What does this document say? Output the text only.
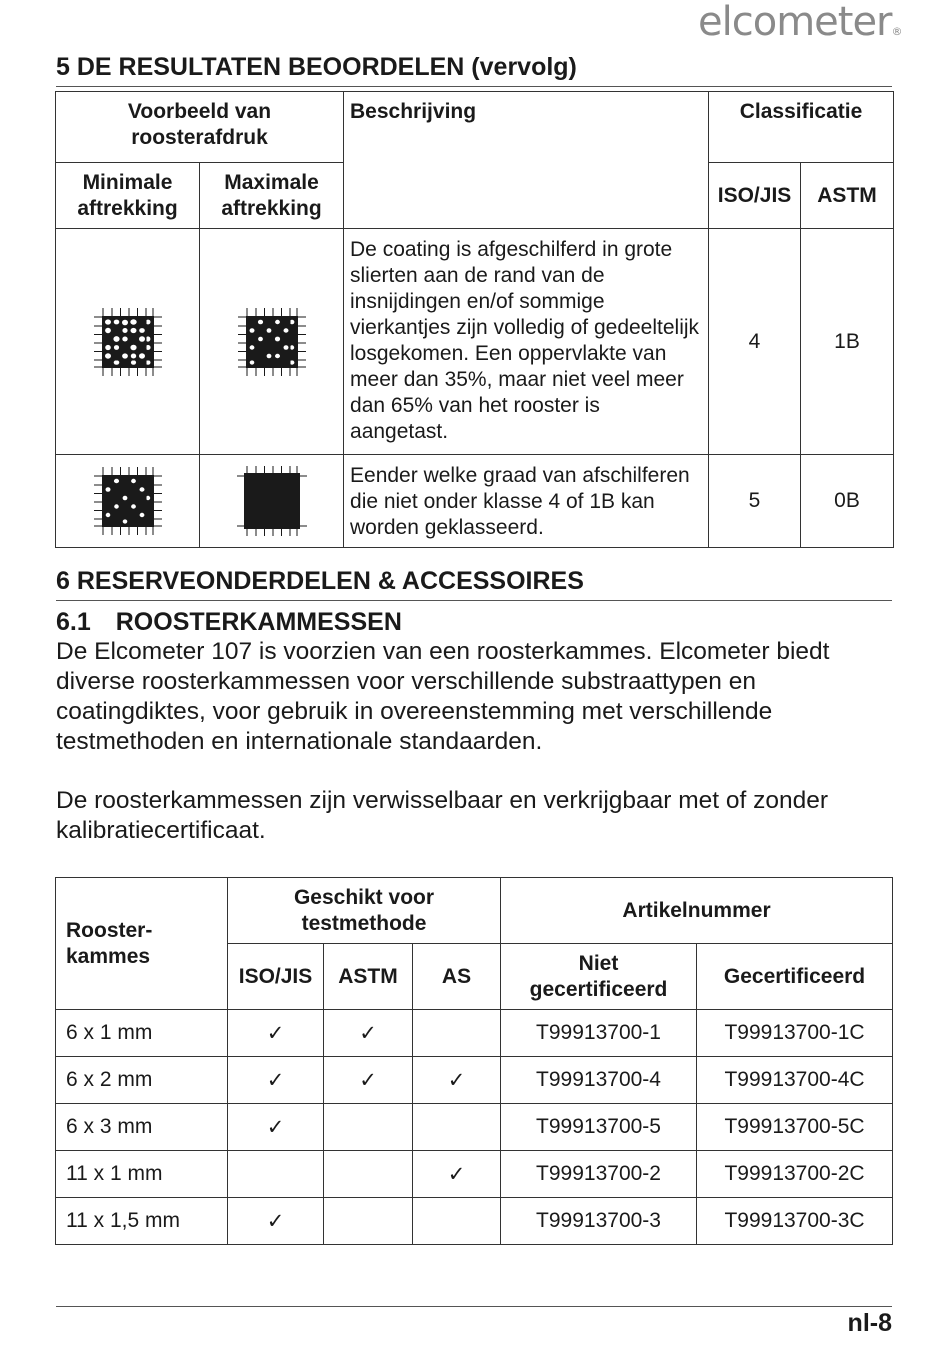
elcometer®
5 DE RESULTATEN BEOORDELEN (vervolg)
Voorbeeld van roosterafdruk		Beschrijving	Classificatie	
Minimale aftrekking	Maximale aftrekking		ISO/JIS	ASTM

	De coating is afgeschilferd in grote slierten aan de rand van de insnijdingen en/of sommige vierkantjes zijn volledig of gedeeltelijk losgekomen. Een oppervlakte van meer dan 35%, maar niet veel meer dan 65% van het rooster is aangetast.	4	1B

	Eender welke graad van afschilferen die niet onder klasse 4 of 1B kan worden geklasseerd.	5	0B
6 RESERVEONDERDELEN & ACCESSOIRES
6.1 ROOSTERKAMMESSEN

De Elcometer 107 is voorzien van een roosterkammes. Elcometer biedt diverse roosterkammessen voor verschillende substraattypen en coatingdiktes, voor gebruik in overeenstemming met verschillende testmethoden en internationale standaarden.

De roosterkammessen zijn verwisselbaar en verkrijgbaar met of zonder kalibratiecertificaat.

Rooster-kammes	Geschikt voor testmethode			Artikelnummer	
	ISO/JIS	ASTM	AS	Niet gecertificeerd	Gecertificeerd
6 x 1 mm	✓	✓		T99913700-1	T99913700-1C
6 x 2 mm	✓	✓	✓	T99913700-4	T99913700-4C
6 x 3 mm	✓			T99913700-5	T99913700-5C
11 x 1 mm			✓	T99913700-2	T99913700-2C
11 x 1,5 mm	✓			T99913700-3	T99913700-3C
nl-8
